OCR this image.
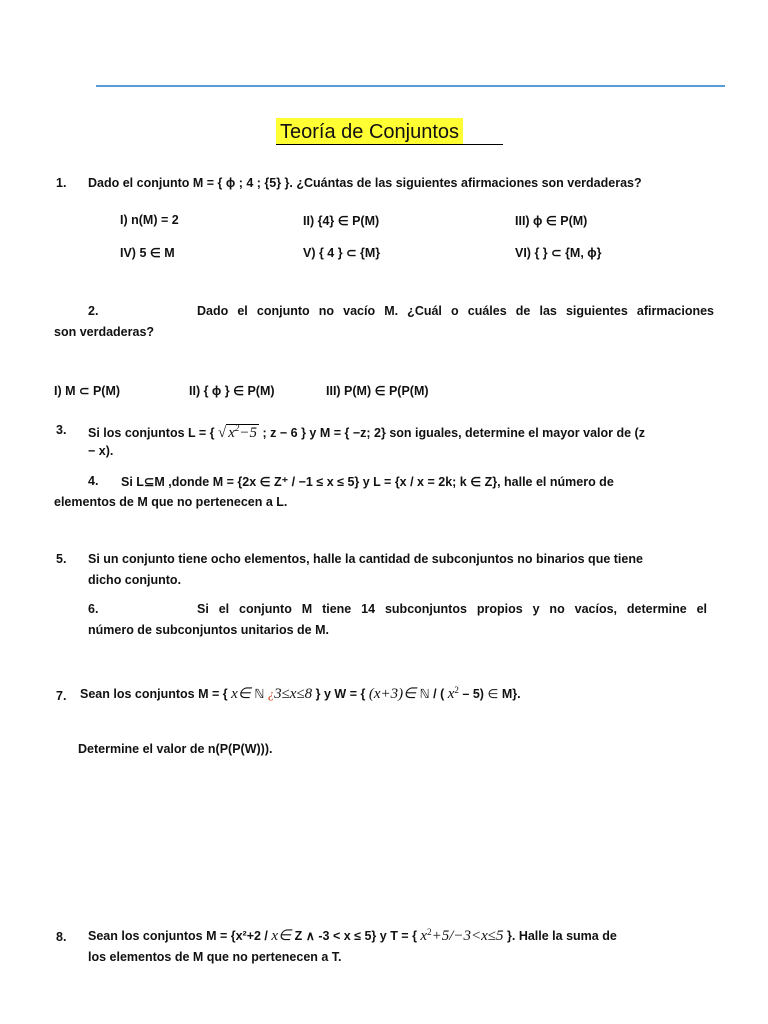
Teoría de Conjuntos
1. Dado el conjunto M = { ϕ ; 4 ; {5} }. ¿Cuántas de las siguientes afirmaciones son verdaderas?
I) n(M) = 2	II) {4} ∈ P(M)	III) ϕ ∈ P(M)
IV) 5 ∈ M	V) { 4 } ⊂ {M}	VI) { } ⊂ {M, ϕ}
2.	Dado el conjunto no vacío M. ¿Cuál o cuáles de las siguientes afirmaciones
son verdaderas?
I) M ⊂ P(M)	II) { ϕ } ∈ P(M)	III) P(M) ∈ P(P(M)
3. Si los conjuntos L = { √ $x^2-5$ ; z − 6 } y M = { −z; 2} son iguales, determine el mayor valor de (z
− x).
4. Si L⊆M ,donde M = {2x ∈ Z⁺ / −1 ≤ x ≤ 5} y L = {x / x = 2k; k ∈ Z}, halle el número de
elementos de M que no pertenecen a L.
5. Si un conjunto tiene ocho elementos, halle la cantidad de subconjuntos no binarios que tiene
dicho conjunto.
6.	Si el conjunto M tiene 14 subconjuntos propios y no vacíos, determine el
número de subconjuntos unitarios de M.
7. Sean los conjuntos M = { x∈ ℕ ¿3≤x≤8 } y W = { (x+3)∈ ℕ / ( $x^2 - 5$) ∈ M}.
Determine el valor de n(P(P(W))).
8. Sean los conjuntos M = {x²+2 / x∈ Z ∧ -3 < x ≤ 5} y T = { $x^2+5/-3<x\le 5$ }. Halle la suma de
los elementos de M que no pertenecen a T.
